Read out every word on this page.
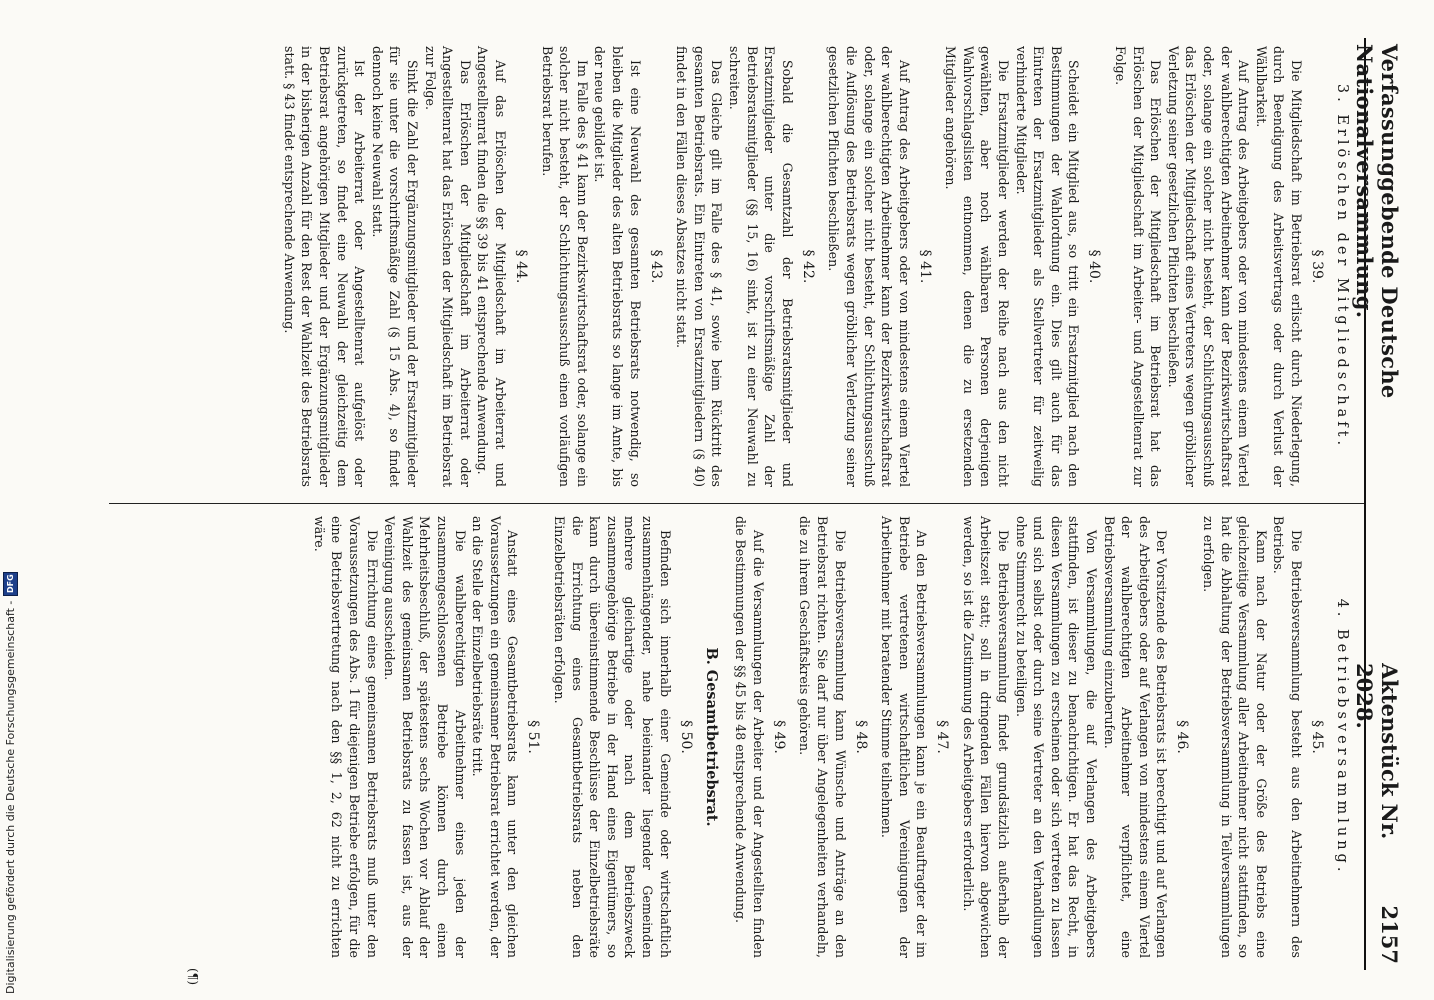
Verfassunggebende Deutsche Nationalversammlung.
Aktenstück Nr. 2028.
2157
3. Erlöschen der Mitgliedschaft.
§ 39.

Die Mitgliedschaft im Betriebsrat erlischt durch Niederlegung, durch Beendigung des Arbeitsvertrags oder durch Verlust der Wählbarkeit.

Auf Antrag des Arbeitgebers oder von mindestens einem Viertel der wahlberechtigten Arbeitnehmer kann der Bezirkswirtschaftsrat oder, solange ein solcher nicht besteht, der Schlichtungsausschuß das Erlöschen der Mitgliedschaft eines Vertreters wegen gröblicher Verletzung seiner gesetzlichen Pflichten beschließen.

Das Erlöschen der Mitgliedschaft im Betriebsrat hat das Erlöschen der Mitgliedschaft im Arbeiter- und Angestelltenrat zur Folge.

§ 40.

Scheidet ein Mitglied aus, so tritt ein Ersatzmitglied nach den Bestimmungen der Wahlordnung ein. Dies gilt auch für das Eintreten der Ersatzmitglieder als Stellvertreter für zeitweilig verhinderte Mitglieder.

Die Ersatzmitglieder werden der Reihe nach aus den nicht gewählten, aber noch wählbaren Personen derjenigen Wahlvorschlagslisten entnommen, denen die zu ersetzenden Mitglieder angehören.

§ 41.

Auf Antrag des Arbeitgebers oder von mindestens einem Viertel der wahlberechtigten Arbeitnehmer kann der Bezirkswirtschaftsrat oder, solange ein solcher nicht besteht, der Schlichtungsausschuß die Auflösung des Betriebsrats wegen gröblicher Verletzung seiner gesetzlichen Pflichten beschließen.

§ 42.

Sobald die Gesamtzahl der Betriebsratsmitglieder und Ersatzmitglieder unter die vorschriftsmäßige Zahl der Betriebsratsmitglieder (§§ 15, 16) sinkt, ist zu einer Neuwahl zu schreiten.

Das Gleiche gilt im Falle des § 41, sowie beim Rücktritt des gesamten Betriebsrats. Ein Eintreten von Ersatzmitgliedern (§ 40) findet in den Fällen dieses Absatzes nicht statt.

§ 43.

Ist eine Neuwahl des gesamten Betriebsrats notwendig, so bleiben die Mitglieder des alten Betriebsrats so lange im Amte, bis der neue gebildet ist.

Im Falle des § 41 kann der Bezirkswirtschaftsrat oder, solange ein solcher nicht besteht, der Schlichtungsausschuß einen vorläufigen Betriebsrat berufen.

§ 44.

Auf das Erlöschen der Mitgliedschaft im Arbeiterrat und Angestelltenrat finden die §§ 39 bis 41 entsprechende Anwendung.

Das Erlöschen der Mitgliedschaft im Arbeiterrat oder Angestelltenrat hat das Erlöschen der Mitgliedschaft im Betriebsrat zur Folge.

Sinkt die Zahl der Ergänzungsmitglieder und der Ersatzmitglieder für sie unter die vorschriftsmäßige Zahl (§ 15 Abs. 4), so findet dennoch keine Neuwahl statt.

Ist der Arbeiterrat oder Angestelltenrat aufgelöst oder zurückgetreten, so findet eine Neuwahl der gleichzeitig dem Betriebsrat angehörigen Mitglieder und der Ergänzungsmitglieder in der bisherigen Anzahl für den Rest der Wahlzeit des Betriebsrats statt. § 43 findet entsprechende Anwendung.

4. Betriebsversammlung.
§ 45.

Die Betriebsversammlung besteht aus den Arbeitnehmern des Betriebs.

Kann nach der Natur oder der Größe des Betriebs eine gleichzeitige Versammlung aller Arbeitnehmer nicht stattfinden, so hat die Abhaltung der Betriebsversammlung in Teilversammlungen zu erfolgen.

§ 46.

Der Vorsitzende des Betriebsrats ist berechtigt und auf Verlangen des Arbeitgebers oder auf Verlangen von mindestens einem Viertel der wahlberechtigten Arbeitnehmer verpflichtet, eine Betriebsversammlung einzuberufen.

Von Versammlungen, die auf Verlangen des Arbeitgebers stattfinden, ist dieser zu benachrichtigen. Er hat das Recht, in diesen Versammlungen zu erscheinen oder sich vertreten zu lassen und sich selbst oder durch seine Vertreter an den Verhandlungen ohne Stimmrecht zu beteiligen.

Die Betriebsversammlung findet grundsätzlich außerhalb der Arbeitszeit statt; soll in dringenden Fällen hiervon abgewichen werden, so ist die Zustimmung des Arbeitgebers erforderlich.

§ 47.

An den Betriebsversammlungen kann je ein Beauftragter der im Betriebe vertretenen wirtschaftlichen Vereinigungen der Arbeitnehmer mit beratender Stimme teilnehmen.

§ 48.

Die Betriebsversammlung kann Wünsche und Anträge an den Betriebsrat richten. Sie darf nur über Angelegenheiten verhandeln, die zu ihrem Geschäftskreis gehören.

§ 49.

Auf die Versammlungen der Arbeiter und der Angestellten finden die Bestimmungen der §§ 45 bis 48 entsprechende Anwendung.

B. Gesamtbetriebsrat.
§ 50.

Befinden sich innerhalb einer Gemeinde oder wirtschaftlich zusammenhängender, nahe beieinander liegender Gemeinden mehrere gleichartige oder nach dem Betriebszweck zusammengehörige Betriebe in der Hand eines Eigentümers, so kann durch übereinstimmende Beschlüsse der Einzelbetriebsräte die Errichtung eines Gesamtbetriebsrats neben den Einzelbetriebsräten erfolgen.

§ 51.

Anstatt eines Gesamtbetriebsrats kann unter den gleichen Voraussetzungen ein gemeinsamer Betriebsrat errichtet werden, der an die Stelle der Einzelbetriebsräte tritt.

Die wahlberechtigten Arbeitnehmer eines jeden der zusammengeschlossenen Betriebe können durch einen Mehrheitsbeschluß, der spätestens sechs Wochen vor Ablauf der Wahlzeit des gemeinsamen Betriebsrats zu fassen ist, aus der Vereinigung ausscheiden.

Die Errichtung eines gemeinsamen Betriebsrats muß unter den Voraussetzungen des Abs. 1 für diejenigen Betriebe erfolgen, für die eine Betriebsvertretung nach den §§ 1, 2, 62 nicht zu errichten wäre.

(¶)
Digitalisierung gefördert durch die Deutsche Forschungsgemeinschaft -
DFG
